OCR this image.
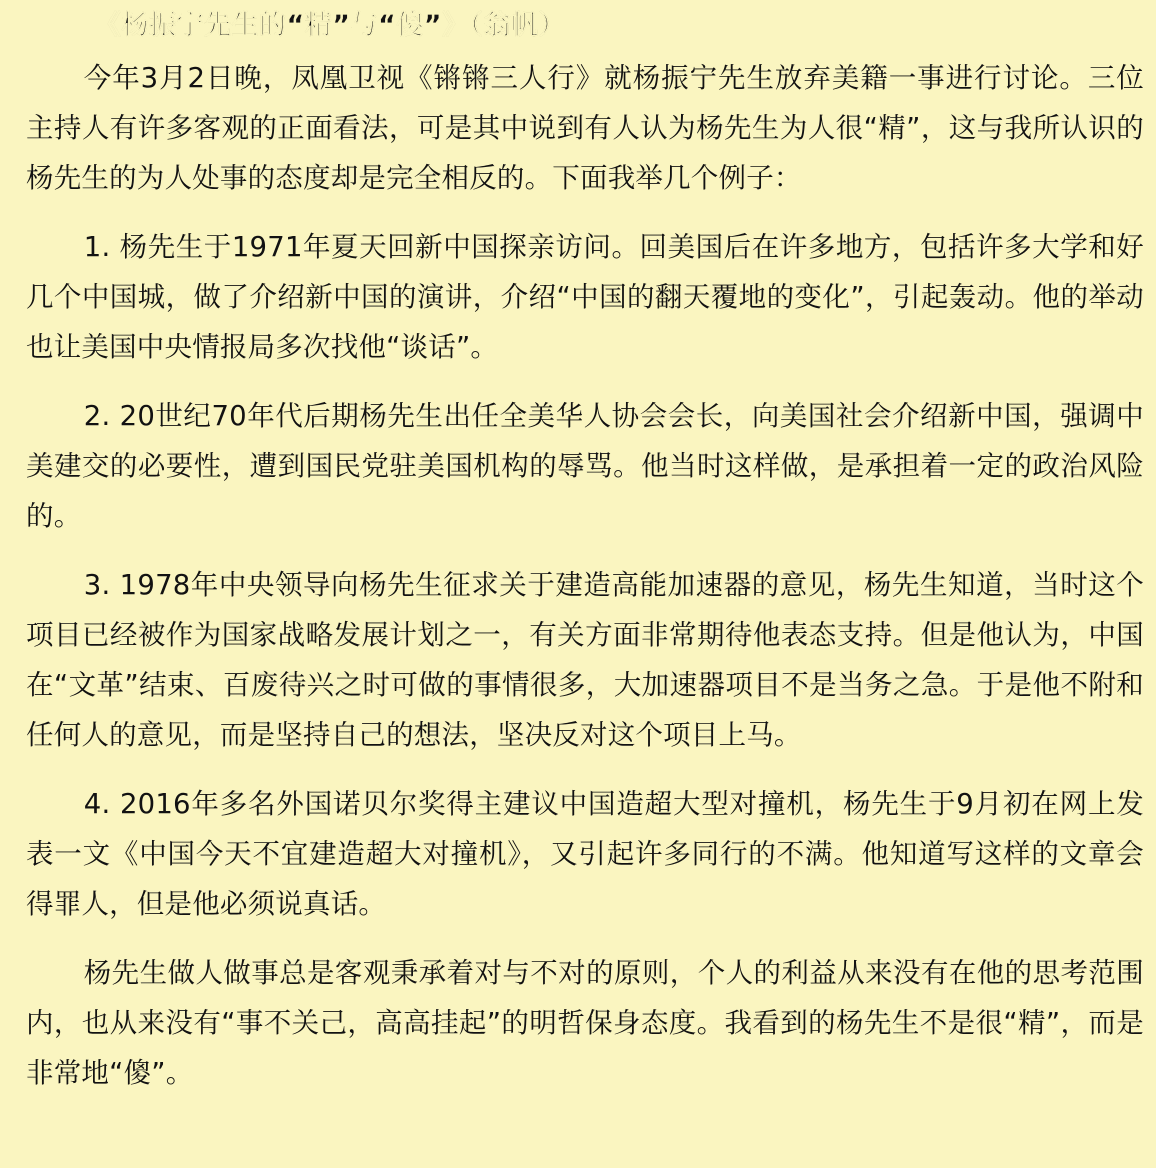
《杨振宁先生的“精”与“傻”》（翁帆）

今年3月2日晚，凤凰卫视《锵锵三人行》就杨振宁先生放弃美籍一事进行讨论。三位主持人有许多客观的正面看法，可是其中说到有人认为杨先生为人很“精”，这与我所认识的杨先生的为人处事的态度却是完全相反的。下面我举几个例子：

1. 杨先生于1971年夏天回新中国探亲访问。回美国后在许多地方，包括许多大学和好几个中国城，做了介绍新中国的演讲，介绍“中国的翻天覆地的变化”，引起轰动。他的举动也让美国中央情报局多次找他“谈话”。

2. 20世纪70年代后期杨先生出任全美华人协会会长，向美国社会介绍新中国，强调中美建交的必要性，遭到国民党驻美国机构的辱骂。他当时这样做，是承担着一定的政治风险的。

3. 1978年中央领导向杨先生征求关于建造高能加速器的意见，杨先生知道，当时这个项目已经被作为国家战略发展计划之一，有关方面非常期待他表态支持。但是他认为，中国在“文革”结束、百废待兴之时可做的事情很多，大加速器项目不是当务之急。于是他不附和任何人的意见，而是坚持自己的想法，坚决反对这个项目上马。

4. 2016年多名外国诺贝尔奖得主建议中国造超大型对撞机，杨先生于9月初在网上发表一文《中国今天不宜建造超大对撞机》，又引起许多同行的不满。他知道写这样的文章会得罪人，但是他必须说真话。

杨先生做人做事总是客观秉承着对与不对的原则，个人的利益从来没有在他的思考范围内，也从来没有“事不关己，高高挂起”的明哲保身态度。我看到的杨先生不是很“精”，而是非常地“傻”。
